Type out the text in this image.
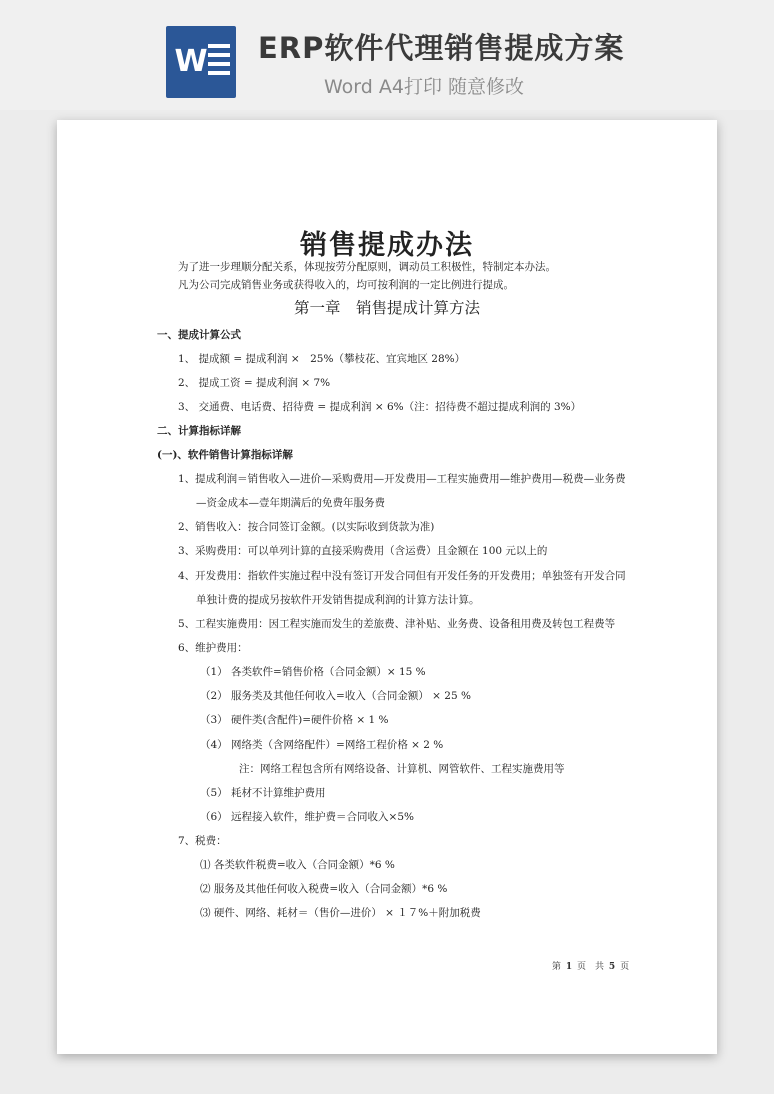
W ERP软件代理销售提成方案
Word A4打印 随意修改
销售提成办法
为了进一步理顺分配关系，体现按劳分配原则，调动员工积极性，特制定本办法。
凡为公司完成销售业务或获得收入的，均可按利润的一定比例进行提成。
第一章　销售提成计算方法
一、提成计算公式
1、 提成额 = 提成利润 ×　25%（攀枝花、宜宾地区 28%）
2、 提成工资 = 提成利润 × 7%
3、 交通费、电话费、招待费 = 提成利润 × 6%（注：招待费不超过提成利润的 3%）
二、计算指标详解
(一)、软件销售计算指标详解
1、提成利润＝销售收入—进价—采购费用—开发费用—工程实施费用—维护费用—税费—业务费
—资金成本—壹年期满后的免费年服务费
2、销售收入：按合同签订金额。(以实际收到货款为准)
3、采购费用：可以单列计算的直接采购费用（含运费）且金额在 100 元以上的
4、开发费用：指软件实施过程中没有签订开发合同但有开发任务的开发费用；单独签有开发合同
单独计费的提成另按软件开发销售提成利润的计算方法计算。
5、工程实施费用：因工程实施而发生的差旅费、津补贴、业务费、设备租用费及转包工程费等
6、维护费用：
（1） 各类软件=销售价格（合同金额）× 15 %
（2） 服务类及其他任何收入=收入（合同金额） × 25 %
（3） 硬件类(含配件)=硬件价格 × 1 %
（4） 网络类（含网络配件）=网络工程价格 × 2 %
注：网络工程包含所有网络设备、计算机、网管软件、工程实施费用等
（5） 耗材不计算维护费用
（6） 远程接入软件，维护费＝合同收入×5%
7、税费：
⑴ 各类软件税费=收入（合同金额）*6 %
⑵ 服务及其他任何收入税费=收入（合同金额）*6 %
⑶ 硬件、网络、耗材＝（售价—进价） × １７%＋附加税费
第 1 页　共 5 页
